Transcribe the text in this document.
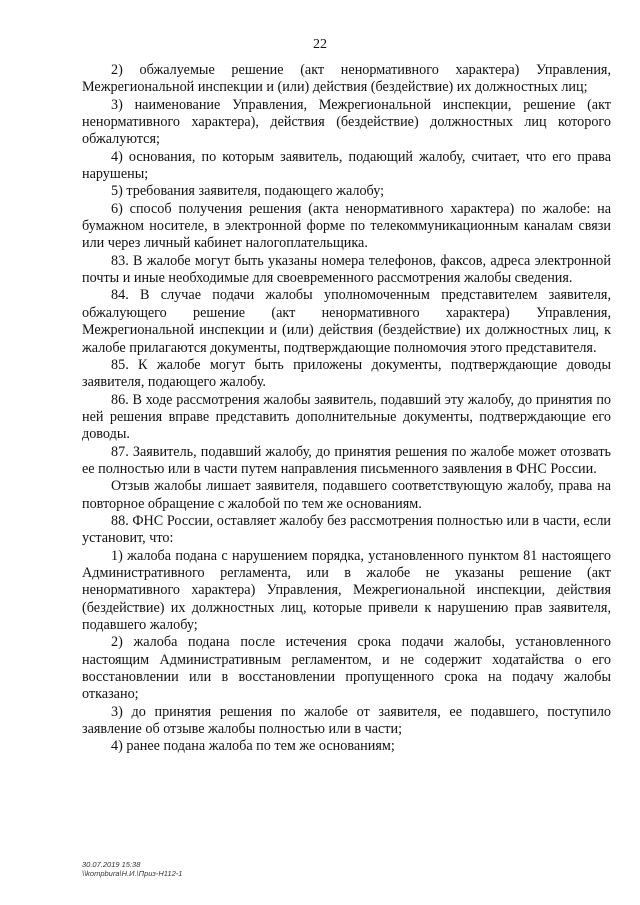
22

2) обжалуемые решение (акт ненормативного характера) Управления, Межрегиональной инспекции и (или) действия (бездействие) их должностных лиц;

3) наименование Управления, Межрегиональной инспекции, решение (акт ненормативного характера), действия (бездействие) должностных лиц которого обжалуются;

4) основания, по которым заявитель, подающий жалобу, считает, что его права нарушены;

5) требования заявителя, подающего жалобу;

6) способ получения решения (акта ненормативного характера) по жалобе: на бумажном носителе, в электронной форме по телекоммуникационным каналам связи или через личный кабинет налогоплательщика.

83. В жалобе могут быть указаны номера телефонов, факсов, адреса электронной почты и иные необходимые для своевременного рассмотрения жалобы сведения.

84. В случае подачи жалобы уполномоченным представителем заявителя, обжалующего решение (акт ненормативного характера) Управления, Межрегиональной инспекции и (или) действия (бездействие) их должностных лиц, к жалобе прилагаются документы, подтверждающие полномочия этого представителя.

85. К жалобе могут быть приложены документы, подтверждающие доводы заявителя, подающего жалобу.

86. В ходе рассмотрения жалобы заявитель, подавший эту жалобу, до принятия по ней решения вправе представить дополнительные документы, подтверждающие его доводы.

87. Заявитель, подавший жалобу, до принятия решения по жалобе может отозвать ее полностью или в части путем направления письменного заявления в ФНС России.

Отзыв жалобы лишает заявителя, подавшего соответствующую жалобу, права на повторное обращение с жалобой по тем же основаниям.

88. ФНС России, оставляет жалобу без рассмотрения полностью или в части, если установит, что:

1) жалоба подана с нарушением порядка, установленного пунктом 81 настоящего Административного регламента, или в жалобе не указаны решение (акт ненормативного характера) Управления, Межрегиональной инспекции, действия (бездействие) их должностных лиц, которые привели к нарушению прав заявителя, подавшего жалобу;

2) жалоба подана после истечения срока подачи жалобы, установленного настоящим Административным регламентом, и не содержит ходатайства о его восстановлении или в восстановлении пропущенного срока на подачу жалобы отказано;

3) до принятия решения по жалобе от заявителя, ее подавшего, поступило заявление об отзыве жалобы полностью или в части;

4) ранее подана жалоба по тем же основаниям;

30.07.2019 15:38
\\kompbura\Н.И.\Приз-Н112-1
